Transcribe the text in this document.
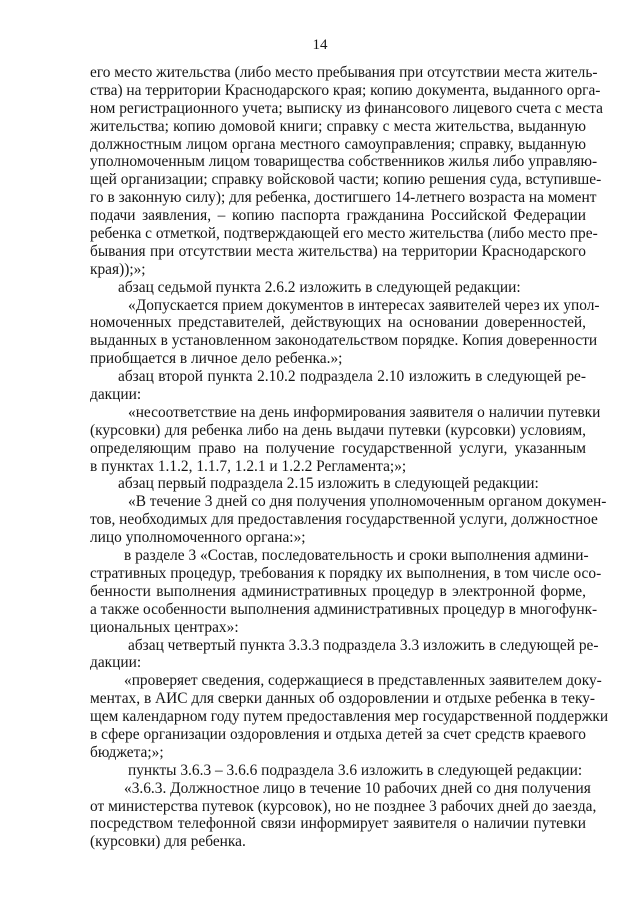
14
его место жительства (либо место пребывания при отсутствии места житель-
ства) на территории Краснодарского края; копию документа, выданного орга-
ном регистрационного учета; выписку из финансового лицевого счета с места
жительства; копию домовой книги; справку с места жительства, выданную
должностным лицом органа местного самоуправления; справку, выданную
уполномоченным лицом товарищества собственников жилья либо управляю-
щей организации; справку войсковой части; копию решения суда, вступивше-
го в законную силу); для ребенка, достигшего 14-летнего возраста на момент
подачи заявления, – копию паспорта гражданина Российской Федерации
ребенка с отметкой, подтверждающей его место жительства (либо место пре-
бывания при отсутствии места жительства) на территории Краснодарского
края));»;
абзац седьмой пункта 2.6.2 изложить в следующей редакции:
«Допускается прием документов в интересах заявителей через их упол-
номоченных представителей, действующих на основании доверенностей,
выданных в установленном законодательством порядке. Копия доверенности
приобщается в личное дело ребенка.»;
абзац второй пункта 2.10.2 подраздела 2.10 изложить в следующей ре-
дакции:
«несоответствие на день информирования заявителя о наличии путевки
(курсовки) для ребенка либо на день выдачи путевки (курсовки) условиям,
определяющим право на получение государственной услуги, указанным
в пунктах 1.1.2, 1.1.7, 1.2.1 и 1.2.2 Регламента;»;
абзац первый подраздела 2.15 изложить в следующей редакции:
«В течение 3 дней со дня получения уполномоченным органом докумен-
тов, необходимых для предоставления государственной услуги, должностное
лицо уполномоченного органа:»;
в разделе 3 «Состав, последовательность и сроки выполнения админи-
стративных процедур, требования к порядку их выполнения, в том числе осо-
бенности выполнения административных процедур в электронной форме,
а также особенности выполнения административных процедур в многофунк-
циональных центрах»:
абзац четвертый пункта 3.3.3 подраздела 3.3 изложить в следующей ре-
дакции:
«проверяет сведения, содержащиеся в представленных заявителем доку-
ментах, в АИС для сверки данных об оздоровлении и отдыхе ребенка в теку-
щем календарном году путем предоставления мер государственной поддержки
в сфере организации оздоровления и отдыха детей за счет средств краевого
бюджета;»;
пункты 3.6.3 – 3.6.6 подраздела 3.6 изложить в следующей редакции:
«3.6.3. Должностное лицо в течение 10 рабочих дней со дня получения
от министерства путевок (курсовок), но не позднее 3 рабочих дней до заезда,
посредством телефонной связи информирует заявителя о наличии путевки
(курсовки) для ребенка.
